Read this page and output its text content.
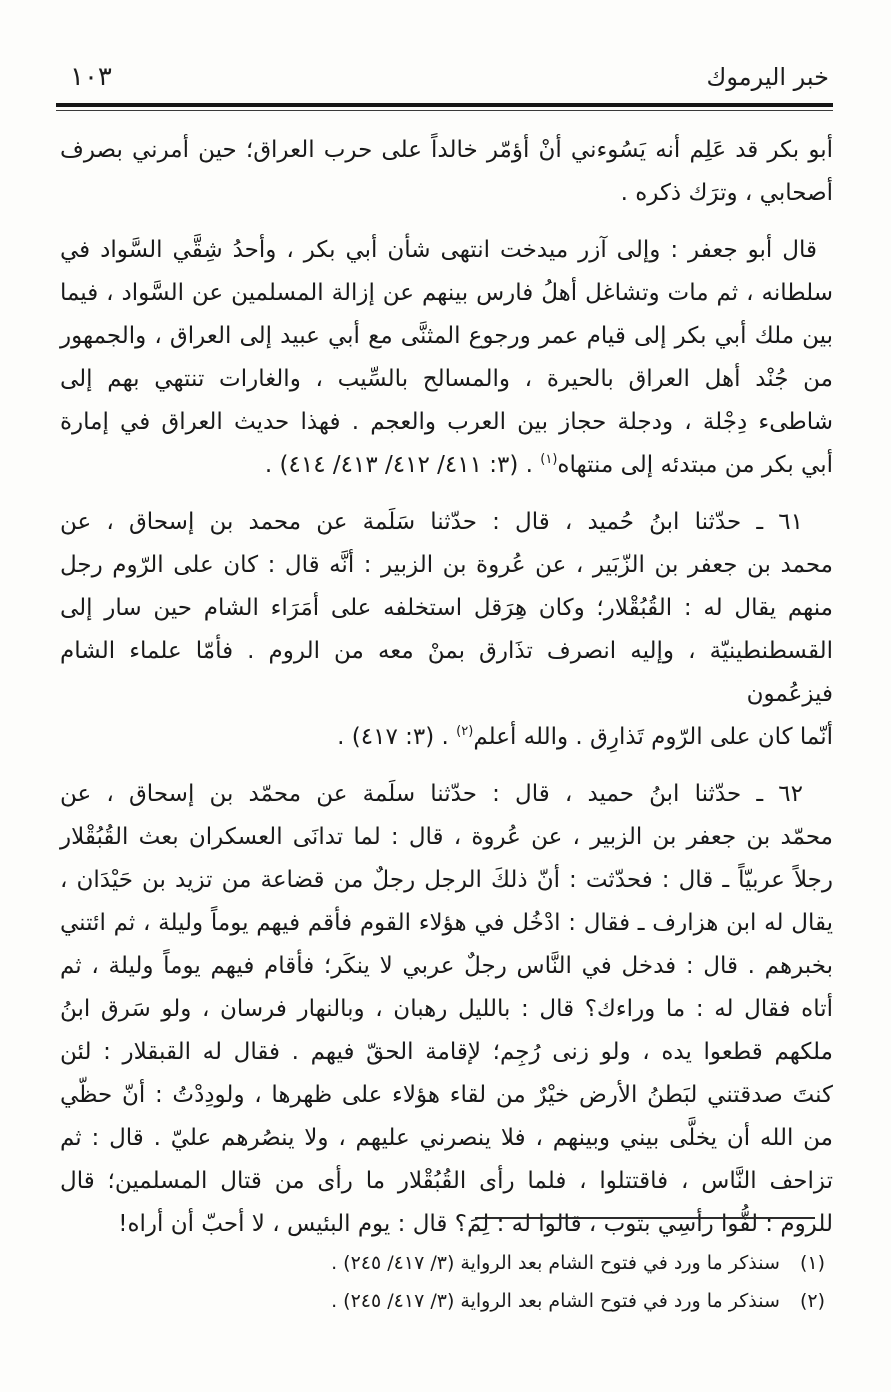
خبر اليرموك
١٠٣
أبو بكر قد عَلِم أنه يَسُوءني أنْ أؤمّر خالداً على حرب العراق؛ حين أمرني بصرف
أصحابي ، وترَك ذكره .
قال أبو جعفر : وإلى آزر ميدخت انتهى شأن أبي بكر ، وأحدُ شِقَّي السَّواد في
سلطانه ، ثم مات وتشاغل أهلُ فارس بينهم عن إزالة المسلمين عن السَّواد ، فيما
بين ملك أبي بكر إلى قيام عمر ورجوع المثنَّى مع أبي عبيد إلى العراق ، والجمهور
من جُنْد أهل العراق بالحيرة ، والمسالح بالسِّيب ، والغارات تنتهي بهم إلى
شاطىء دِجْلة ، ودجلة حجاز بين العرب والعجم . فهذا حديث العراق في إمارة
أبي بكر من مبتدئه إلى منتهاه$^{(١)}$ . (٣: ٤١١/ ٤١٢/ ٤١٣/ ٤١٤) .
٦١ ـ حدّثنا ابنُ حُميد ، قال : حدّثنا سَلَمة عن محمد بن إسحاق ، عن
محمد بن جعفر بن الزّبَير ، عن عُروة بن الزبير : أنَّه قال : كان على الرّوم رجل
منهم يقال له : القُبُقْلار؛ وكان هِرَقل استخلفه على أمَرَاء الشام حين سار إلى
القسطنطينيّة ، وإليه انصرف تذَارق بمنْ معه من الروم . فأمّا علماء الشام فيزعُمون
أنّما كان على الرّوم تَذارِق . والله أعلم$^{(٢)}$ . (٣: ٤١٧) .
٦٢ ـ حدّثنا ابنُ حميد ، قال : حدّثنا سلَمة عن محمّد بن إسحاق ، عن
محمّد بن جعفر بن الزبير ، عن عُروة ، قال : لما تدانَى العسكران بعث القُبُقْلار
رجلاً عربيّاً ـ قال : فحدّثت : أنّ ذلكَ الرجل رجلٌ من قضاعة من تزيد بن حَيْدَان ،
يقال له ابن هزارف ـ فقال : ادْخُل في هؤلاء القوم فأقم فيهم يوماً وليلة ، ثم ائتني
بخبرهم . قال : فدخل في النَّاس رجلٌ عربي لا ينكَر؛ فأقام فيهم يوماً وليلة ، ثم
أتاه فقال له : ما وراءك؟ قال : بالليل رهبان ، وبالنهار فرسان ، ولو سَرق ابنُ
ملكهم قطعوا يده ، ولو زنى رُجِم؛ لإقامة الحقّ فيهم . فقال له القبقلار : لئن
كنتَ صدقتني لبَطنُ الأرض خيْرٌ من لقاء هؤلاء على ظهرها ، ولودِدْتُ : أنّ حظّي
من الله أن يخلَّى بيني وبينهم ، فلا ينصرني عليهم ، ولا ينصُرهم عليّ . قال : ثم
تزاحف النَّاس ، فاقتتلوا ، فلما رأى القُبُقْلار ما رأى من قتال المسلمين؛ قال
للروم : لفُّوا رأسِي بثوب ، قالوا له : لِمَ؟ قال : يوم البئيس ، لا أحبّ أن أراه!
(١)
سنذكر ما ورد في فتوح الشام بعد الرواية (٣/ ٤١٧/ ٢٤٥) .
(٢)
سنذكر ما ورد في فتوح الشام بعد الرواية (٣/ ٤١٧/ ٢٤٥) .
